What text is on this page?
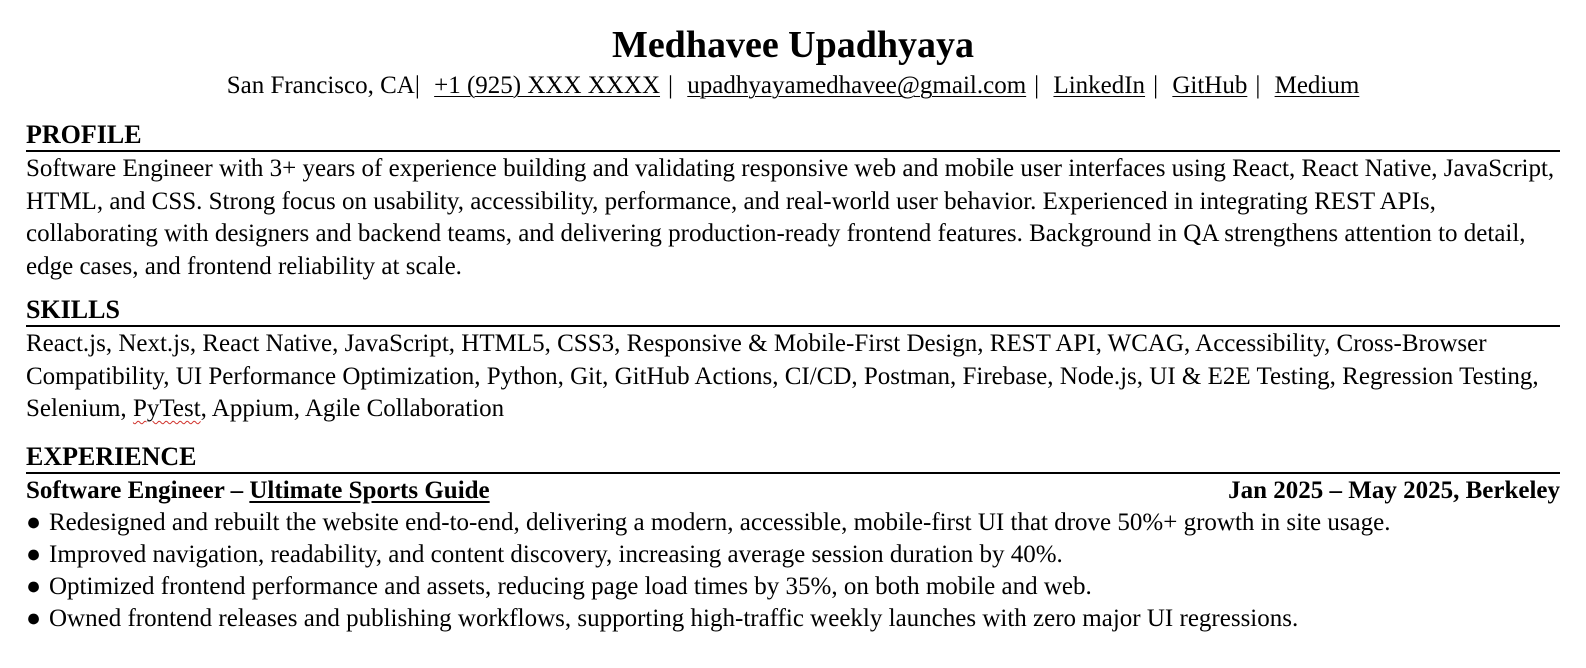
Medhavee Upadhyaya
San Francisco, CA| +1 (925) XXX XXXX | upadhyayamedhavee@gmail.com | LinkedIn | GitHub | Medium
PROFILE
Software Engineer with 3+ years of experience building and validating responsive web and mobile user interfaces using React, React Native, JavaScript, HTML, and CSS. Strong focus on usability, accessibility, performance, and real-world user behavior. Experienced in integrating REST APIs, collaborating with designers and backend teams, and delivering production-ready frontend features. Background in QA strengthens attention to detail, edge cases, and frontend reliability at scale.
SKILLS
React.js, Next.js, React Native, JavaScript, HTML5, CSS3, Responsive & Mobile-First Design, REST API, WCAG, Accessibility, Cross-Browser Compatibility, UI Performance Optimization, Python, Git, GitHub Actions, CI/CD, Postman, Firebase, Node.js, UI & E2E Testing, Regression Testing, Selenium, PyTest, Appium, Agile Collaboration
EXPERIENCE
Software Engineer – Ultimate Sports Guide	Jan 2025 – May 2025, Berkeley
● Redesigned and rebuilt the website end-to-end, delivering a modern, accessible, mobile-first UI that drove 50%+ growth in site usage.
● Improved navigation, readability, and content discovery, increasing average session duration by 40%.
● Optimized frontend performance and assets, reducing page load times by 35%, on both mobile and web.
● Owned frontend releases and publishing workflows, supporting high-traffic weekly launches with zero major UI regressions.
